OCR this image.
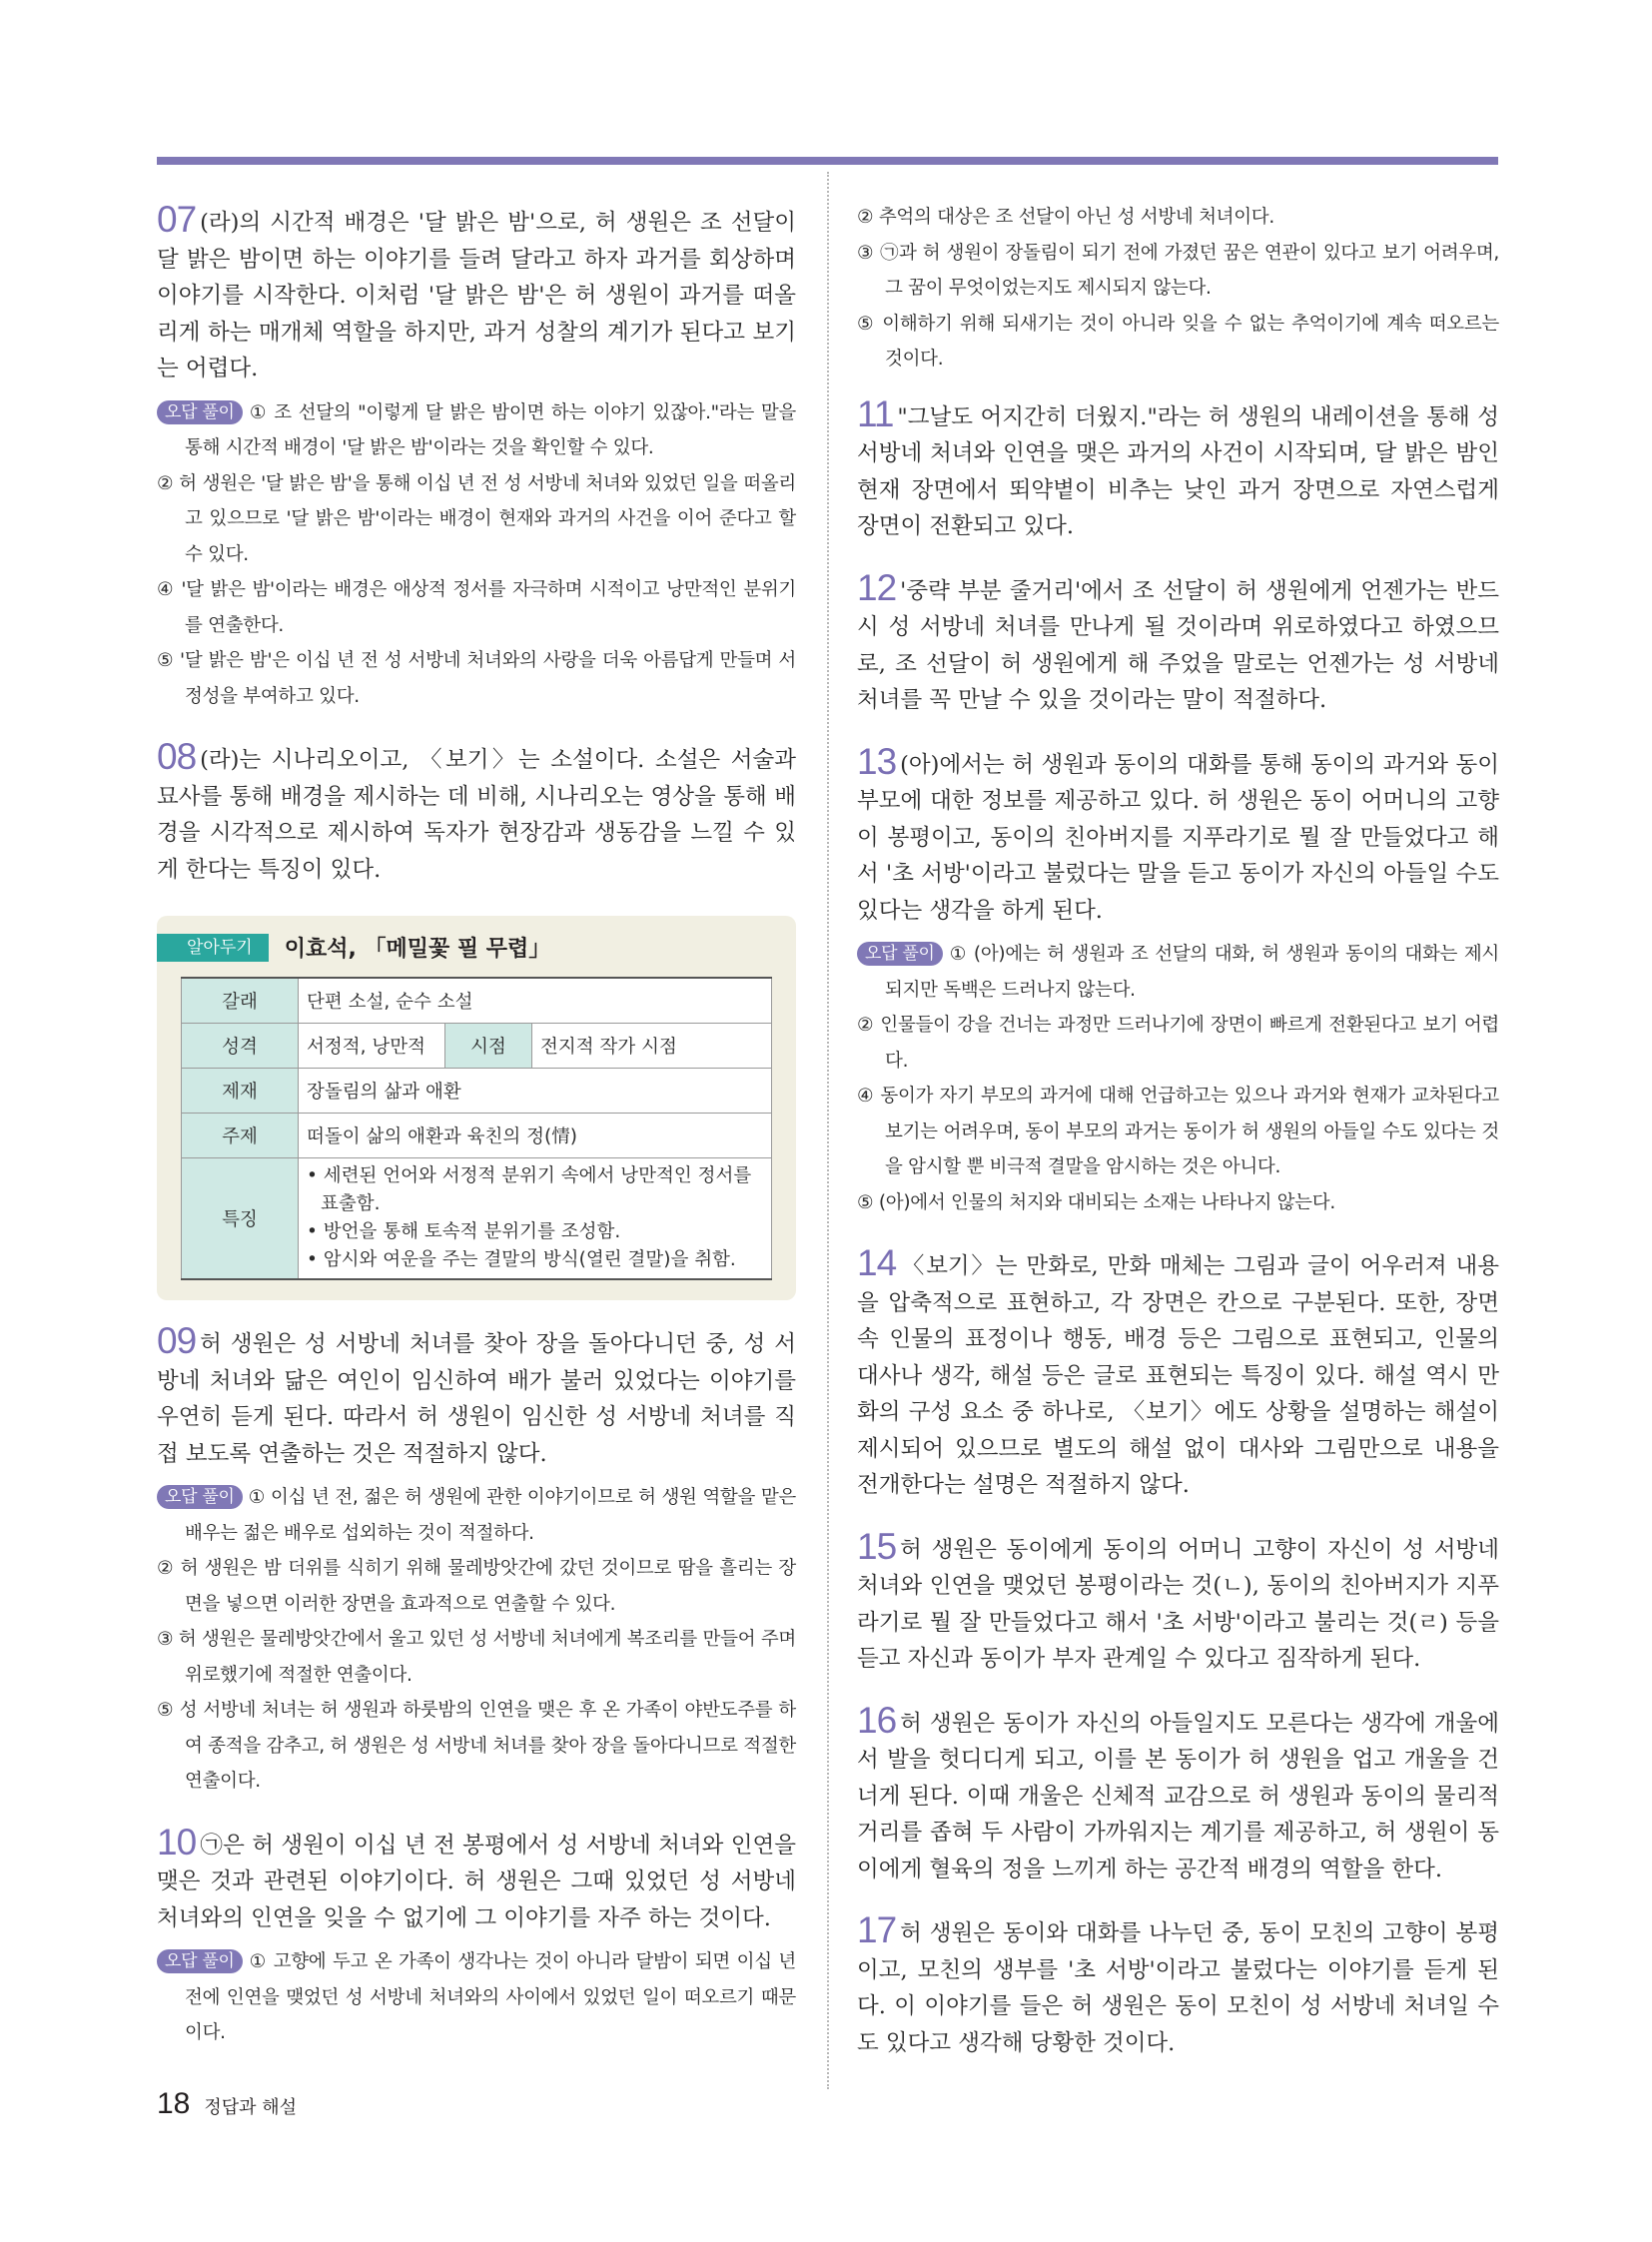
07 (라)의 시간적 배경은 '달 밝은 밤'으로, 허 생원은 조 선달이 달 밝은 밤이면 하는 이야기를 들려 달라고 하자 과거를 회상하며 이야기를 시작한다. 이처럼 '달 밝은 밤'은 허 생원이 과거를 떠올리게 하는 매개체 역할을 하지만, 과거 성찰의 계기가 된다고 보기는 어렵다.
오답 풀이 ① 조 선달의 "이렇게 달 밝은 밤이면 하는 이야기 있잖아."라는 말을 통해 시간적 배경이 '달 밝은 밤'이라는 것을 확인할 수 있다.
② 허 생원은 '달 밝은 밤'을 통해 이십 년 전 성 서방네 처녀와 있었던 일을 떠올리고 있으므로 '달 밝은 밤'이라는 배경이 현재와 과거의 사건을 이어 준다고 할 수 있다.
④ '달 밝은 밤'이라는 배경은 애상적 정서를 자극하며 시적이고 낭만적인 분위기를 연출한다.
⑤ '달 밝은 밤'은 이십 년 전 성 서방네 처녀와의 사랑을 더욱 아름답게 만들며 서정성을 부여하고 있다.
08 (라)는 시나리오이고, 〈보기〉는 소설이다. 소설은 서술과 묘사를 통해 배경을 제시하는 데 비해, 시나리오는 영상을 통해 배경을 시각적으로 제시하여 독자가 현장감과 생동감을 느낄 수 있게 한다는 특징이 있다.
알아두기	이효석, 「메밀꽃 필 무렵」
갈래	단편 소설, 순수 소설		
성격	서정적, 낭만적	시점	전지적 작가 시점
제재	장돌림의 삶과 애환		
주제	떠돌이 삶의 애환과 육친의 정(情)		
특징	• 세련된 언어와 서정적 분위기 속에서 낭만적인 정서를 표출함.
• 방언을 통해 토속적 분위기를 조성함.
• 암시와 여운을 주는 결말의 방식(열린 결말)을 취함.		
09 허 생원은 성 서방네 처녀를 찾아 장을 돌아다니던 중, 성 서방네 처녀와 닮은 여인이 임신하여 배가 불러 있었다는 이야기를 우연히 듣게 된다. 따라서 허 생원이 임신한 성 서방네 처녀를 직접 보도록 연출하는 것은 적절하지 않다.
오답 풀이 ① 이십 년 전, 젊은 허 생원에 관한 이야기이므로 허 생원 역할을 맡은 배우는 젊은 배우로 섭외하는 것이 적절하다.
② 허 생원은 밤 더위를 식히기 위해 물레방앗간에 갔던 것이므로 땀을 흘리는 장면을 넣으면 이러한 장면을 효과적으로 연출할 수 있다.
③ 허 생원은 물레방앗간에서 울고 있던 성 서방네 처녀에게 복조리를 만들어 주며 위로했기에 적절한 연출이다.
⑤ 성 서방네 처녀는 허 생원과 하룻밤의 인연을 맺은 후 온 가족이 야반도주를 하여 종적을 감추고, 허 생원은 성 서방네 처녀를 찾아 장을 돌아다니므로 적절한 연출이다.
10 ㉠은 허 생원이 이십 년 전 봉평에서 성 서방네 처녀와 인연을 맺은 것과 관련된 이야기이다. 허 생원은 그때 있었던 성 서방네 처녀와의 인연을 잊을 수 없기에 그 이야기를 자주 하는 것이다.
오답 풀이 ① 고향에 두고 온 가족이 생각나는 것이 아니라 달밤이 되면 이십 년 전에 인연을 맺었던 성 서방네 처녀와의 사이에서 있었던 일이 떠오르기 때문이다.
② 추억의 대상은 조 선달이 아닌 성 서방네 처녀이다.
③ ㉠과 허 생원이 장돌림이 되기 전에 가졌던 꿈은 연관이 있다고 보기 어려우며, 그 꿈이 무엇이었는지도 제시되지 않는다.
⑤ 이해하기 위해 되새기는 것이 아니라 잊을 수 없는 추억이기에 계속 떠오르는 것이다.
11 "그날도 어지간히 더웠지."라는 허 생원의 내레이션을 통해 성 서방네 처녀와 인연을 맺은 과거의 사건이 시작되며, 달 밝은 밤인 현재 장면에서 뙤약볕이 비추는 낮인 과거 장면으로 자연스럽게 장면이 전환되고 있다.
12 '중략 부분 줄거리'에서 조 선달이 허 생원에게 언젠가는 반드시 성 서방네 처녀를 만나게 될 것이라며 위로하였다고 하였으므로, 조 선달이 허 생원에게 해 주었을 말로는 언젠가는 성 서방네 처녀를 꼭 만날 수 있을 것이라는 말이 적절하다.
13 (아)에서는 허 생원과 동이의 대화를 통해 동이의 과거와 동이 부모에 대한 정보를 제공하고 있다. 허 생원은 동이 어머니의 고향이 봉평이고, 동이의 친아버지를 지푸라기로 뭘 잘 만들었다고 해서 '초 서방'이라고 불렀다는 말을 듣고 동이가 자신의 아들일 수도 있다는 생각을 하게 된다.
오답 풀이 ① (아)에는 허 생원과 조 선달의 대화, 허 생원과 동이의 대화는 제시되지만 독백은 드러나지 않는다.
② 인물들이 강을 건너는 과정만 드러나기에 장면이 빠르게 전환된다고 보기 어렵다.
④ 동이가 자기 부모의 과거에 대해 언급하고는 있으나 과거와 현재가 교차된다고 보기는 어려우며, 동이 부모의 과거는 동이가 허 생원의 아들일 수도 있다는 것을 암시할 뿐 비극적 결말을 암시하는 것은 아니다.
⑤ (아)에서 인물의 처지와 대비되는 소재는 나타나지 않는다.
14 〈보기〉는 만화로, 만화 매체는 그림과 글이 어우러져 내용을 압축적으로 표현하고, 각 장면은 칸으로 구분된다. 또한, 장면 속 인물의 표정이나 행동, 배경 등은 그림으로 표현되고, 인물의 대사나 생각, 해설 등은 글로 표현되는 특징이 있다. 해설 역시 만화의 구성 요소 중 하나로, 〈보기〉에도 상황을 설명하는 해설이 제시되어 있으므로 별도의 해설 없이 대사와 그림만으로 내용을 전개한다는 설명은 적절하지 않다.
15 허 생원은 동이에게 동이의 어머니 고향이 자신이 성 서방네 처녀와 인연을 맺었던 봉평이라는 것(ㄴ), 동이의 친아버지가 지푸라기로 뭘 잘 만들었다고 해서 '초 서방'이라고 불리는 것(ㄹ) 등을 듣고 자신과 동이가 부자 관계일 수 있다고 짐작하게 된다.
16 허 생원은 동이가 자신의 아들일지도 모른다는 생각에 개울에서 발을 헛디디게 되고, 이를 본 동이가 허 생원을 업고 개울을 건너게 된다. 이때 개울은 신체적 교감으로 허 생원과 동이의 물리적 거리를 좁혀 두 사람이 가까워지는 계기를 제공하고, 허 생원이 동이에게 혈육의 정을 느끼게 하는 공간적 배경의 역할을 한다.
17 허 생원은 동이와 대화를 나누던 중, 동이 모친의 고향이 봉평이고, 모친의 생부를 '초 서방'이라고 불렀다는 이야기를 듣게 된다. 이 이야기를 들은 허 생원은 동이 모친이 성 서방네 처녀일 수도 있다고 생각해 당황한 것이다.
18 정답과 해설
